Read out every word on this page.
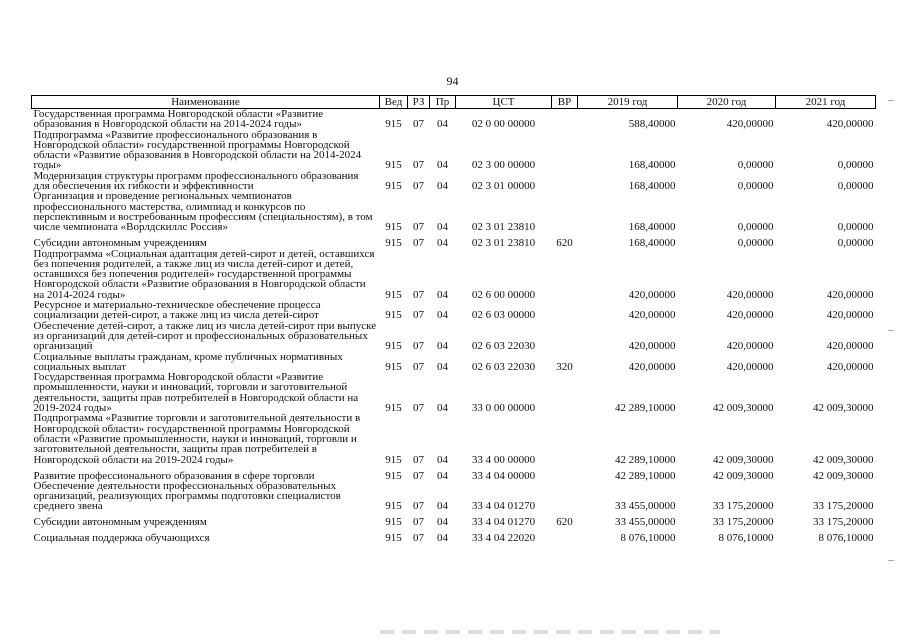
94
Наименование	Вед	РЗ	Пр	ЦСТ	ВР	2019 год	2020 год	2021 год
Государственная программа Новгородской области «Развитие образования в Новгородской области на 2014-2024 годы»	915	07	04	02 0 00 00000		588,40000	420,00000	420,00000
Подпрограмма «Развитие профессионального образования в Новгородской области» государственной программы Новгородской области «Развитие образования в Новгородской области на 2014-2024 годы»	915	07	04	02 3 00 00000		168,40000	0,00000	0,00000
Модернизация структуры программ профессионального образования для обеспечения их гибкости и эффективности	915	07	04	02 3 01 00000		168,40000	0,00000	0,00000
Организация и проведение региональных чемпионатов профессионального мастерства, олимпиад и конкурсов по перспективным и востребованным профессиям (специальностям), в том числе чемпионата «Ворлдскиллс Россия»	915	07	04	02 3 01 23810		168,40000	0,00000	0,00000
Субсидии автономным учреждениям	915	07	04	02 3 01 23810	620	168,40000	0,00000	0,00000
Подпрограмма «Социальная адаптация детей-сирот и детей, оставшихся без попечения родителей, а также лиц из числа детей-сирот и детей, оставшихся без попечения родителей» государственной программы Новгородской области «Развитие образования в Новгородской области на 2014-2024 годы»	915	07	04	02 6 00 00000		420,00000	420,00000	420,00000
Ресурсное и материально-техническое обеспечение процесса социализации детей-сирот, а также лиц из числа детей-сирот	915	07	04	02 6 03 00000		420,00000	420,00000	420,00000
Обеспечение детей-сирот, а также лиц из числа детей-сирот при выпуске из организаций для детей-сирот и профессиональных образовательных организаций	915	07	04	02 6 03 22030		420,00000	420,00000	420,00000
Социальные выплаты гражданам, кроме публичных нормативных социальных выплат	915	07	04	02 6 03 22030	320	420,00000	420,00000	420,00000
Государственная программа Новгородской области «Развитие промышленности, науки и инноваций, торговли и заготовительной деятельности, защиты прав потребителей в Новгородской области на 2019-2024 годы»	915	07	04	33 0 00 00000		42 289,10000	42 009,30000	42 009,30000
Подпрограмма «Развитие торговли и заготовительной деятельности в Новгородской области» государственной программы Новгородской области «Развитие промышленности, науки и инноваций, торговли и заготовительной деятельности, защиты прав потребителей в Новгородской области на 2019-2024 годы»	915	07	04	33 4 00 00000		42 289,10000	42 009,30000	42 009,30000
Развитие профессионального образования в сфере торговли	915	07	04	33 4 04 00000		42 289,10000	42 009,30000	42 009,30000
Обеспечение деятельности профессиональных образовательных организаций, реализующих программы подготовки специалистов среднего звена	915	07	04	33 4 04 01270		33 455,00000	33 175,20000	33 175,20000
Субсидии автономным учреждениям	915	07	04	33 4 04 01270	620	33 455,00000	33 175,20000	33 175,20000
Социальная поддержка обучающихся	915	07	04	33 4 04 22020		8 076,10000	8 076,10000	8 076,10000
